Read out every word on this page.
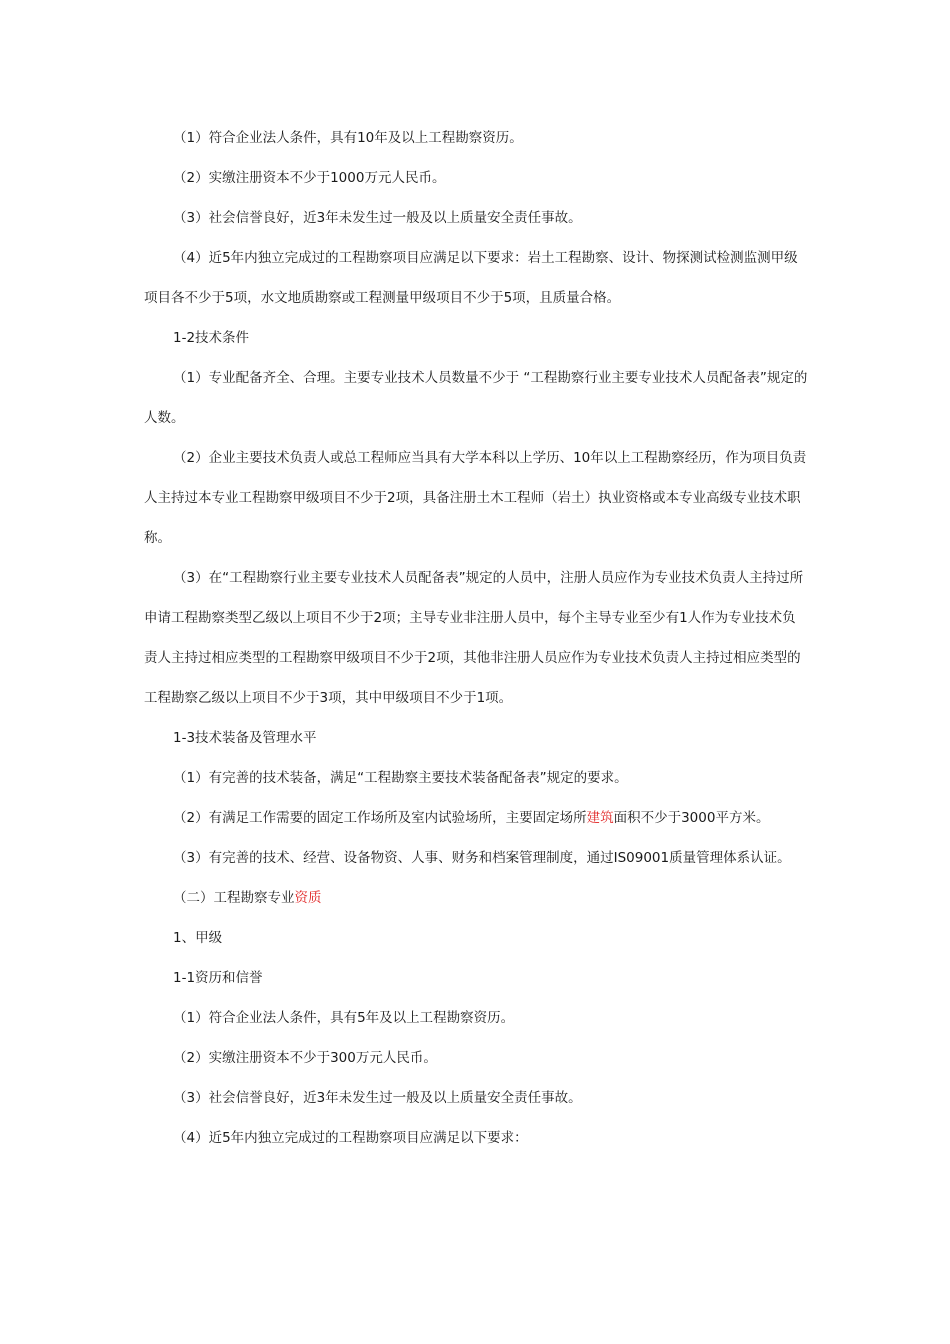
（1）符合企业法人条件，具有10年及以上工程勘察资历。

（2）实缴注册资本不少于1000万元人民币。

（3）社会信誉良好，近3年未发生过一般及以上质量安全责任事故。

（4）近5年内独立完成过的工程勘察项目应满足以下要求：岩土工程勘察、设计、物探测试检测监测甲级项目各不少于5项，水文地质勘察或工程测量甲级项目不少于5项，且质量合格。

1-2技术条件

（1）专业配备齐全、合理。主要专业技术人员数量不少于 “工程勘察行业主要专业技术人员配备表”规定的人数。

（2）企业主要技术负责人或总工程师应当具有大学本科以上学历、10年以上工程勘察经历，作为项目负责人主持过本专业工程勘察甲级项目不少于2项，具备注册土木工程师（岩土）执业资格或本专业高级专业技术职称。

（3）在“工程勘察行业主要专业技术人员配备表”规定的人员中，注册人员应作为专业技术负责人主持过所申请工程勘察类型乙级以上项目不少于2项；主导专业非注册人员中，每个主导专业至少有1人作为专业技术负责人主持过相应类型的工程勘察甲级项目不少于2项，其他非注册人员应作为专业技术负责人主持过相应类型的工程勘察乙级以上项目不少于3项，其中甲级项目不少于1项。

1-3技术装备及管理水平

（1）有完善的技术装备，满足“工程勘察主要技术装备配备表”规定的要求。

（2）有满足工作需要的固定工作场所及室内试验场所，主要固定场所建筑面积不少于3000平方米。

（3）有完善的技术、经营、设备物资、人事、财务和档案管理制度，通过IS09001质量管理体系认证。

（二）工程勘察专业资质

1、甲级

1-1资历和信誉

（1）符合企业法人条件，具有5年及以上工程勘察资历。

（2）实缴注册资本不少于300万元人民币。

（3）社会信誉良好，近3年未发生过一般及以上质量安全责任事故。

（4）近5年内独立完成过的工程勘察项目应满足以下要求：
